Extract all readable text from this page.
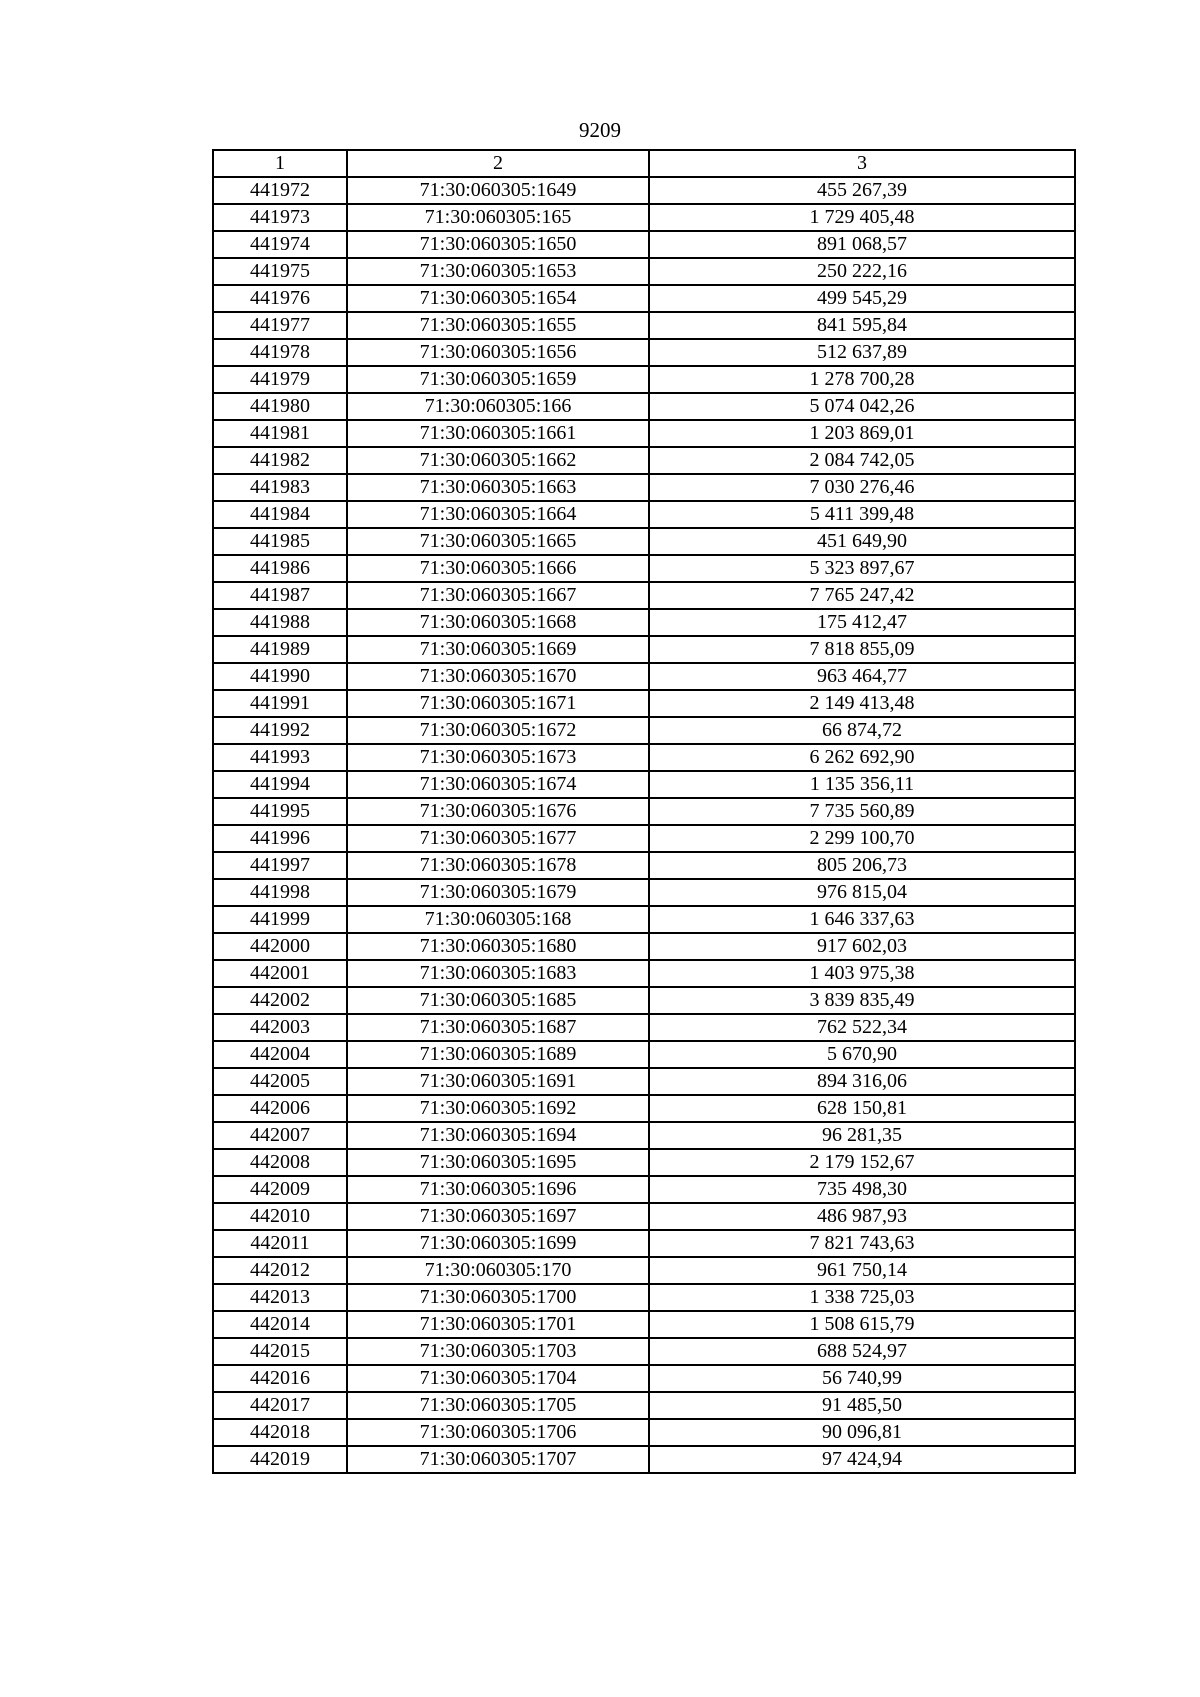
9209
1	2	3
441972	71:30:060305:1649	455 267,39
441973	71:30:060305:165	1 729 405,48
441974	71:30:060305:1650	891 068,57
441975	71:30:060305:1653	250 222,16
441976	71:30:060305:1654	499 545,29
441977	71:30:060305:1655	841 595,84
441978	71:30:060305:1656	512 637,89
441979	71:30:060305:1659	1 278 700,28
441980	71:30:060305:166	5 074 042,26
441981	71:30:060305:1661	1 203 869,01
441982	71:30:060305:1662	2 084 742,05
441983	71:30:060305:1663	7 030 276,46
441984	71:30:060305:1664	5 411 399,48
441985	71:30:060305:1665	451 649,90
441986	71:30:060305:1666	5 323 897,67
441987	71:30:060305:1667	7 765 247,42
441988	71:30:060305:1668	175 412,47
441989	71:30:060305:1669	7 818 855,09
441990	71:30:060305:1670	963 464,77
441991	71:30:060305:1671	2 149 413,48
441992	71:30:060305:1672	66 874,72
441993	71:30:060305:1673	6 262 692,90
441994	71:30:060305:1674	1 135 356,11
441995	71:30:060305:1676	7 735 560,89
441996	71:30:060305:1677	2 299 100,70
441997	71:30:060305:1678	805 206,73
441998	71:30:060305:1679	976 815,04
441999	71:30:060305:168	1 646 337,63
442000	71:30:060305:1680	917 602,03
442001	71:30:060305:1683	1 403 975,38
442002	71:30:060305:1685	3 839 835,49
442003	71:30:060305:1687	762 522,34
442004	71:30:060305:1689	5 670,90
442005	71:30:060305:1691	894 316,06
442006	71:30:060305:1692	628 150,81
442007	71:30:060305:1694	96 281,35
442008	71:30:060305:1695	2 179 152,67
442009	71:30:060305:1696	735 498,30
442010	71:30:060305:1697	486 987,93
442011	71:30:060305:1699	7 821 743,63
442012	71:30:060305:170	961 750,14
442013	71:30:060305:1700	1 338 725,03
442014	71:30:060305:1701	1 508 615,79
442015	71:30:060305:1703	688 524,97
442016	71:30:060305:1704	56 740,99
442017	71:30:060305:1705	91 485,50
442018	71:30:060305:1706	90 096,81
442019	71:30:060305:1707	97 424,94
